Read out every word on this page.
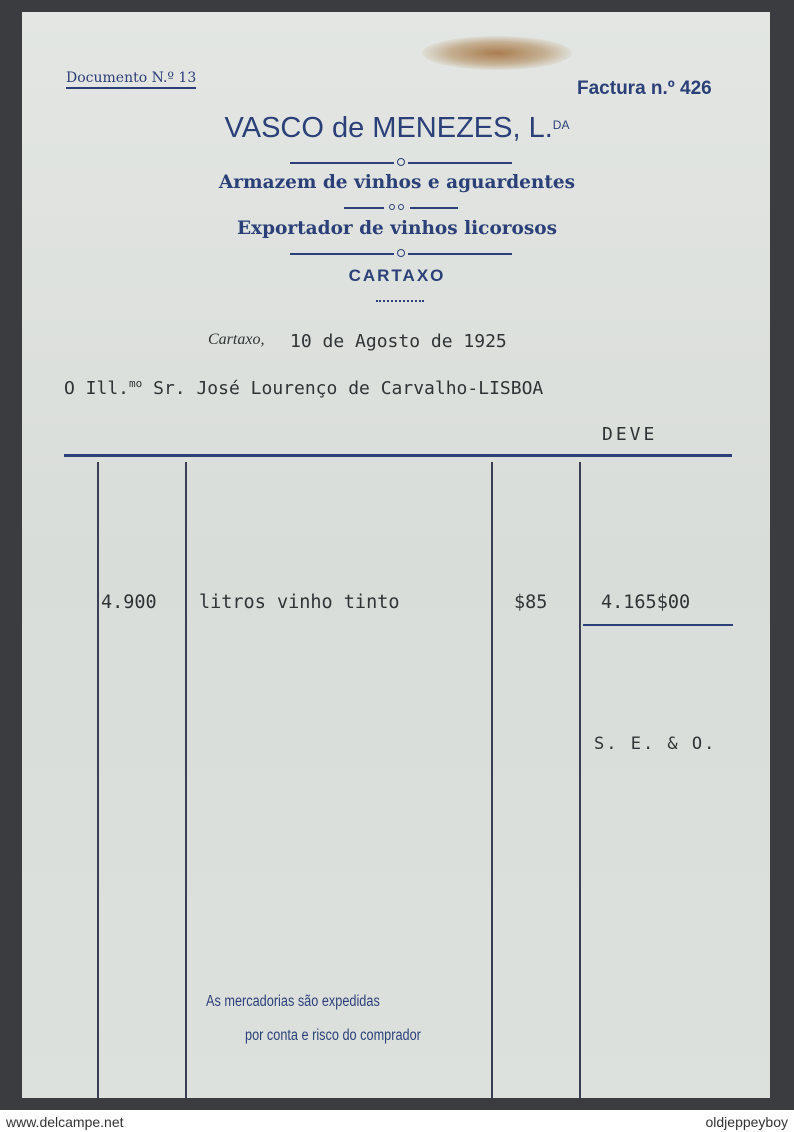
Documento N.º 13	Factura n.º 426
VASCO de MENEZES, L.$^{DA}$
Armazem de vinhos e aguardentes
Exportador de vinhos licorosos
CARTAXO
Cartaxo, 10 de Agosto de 1925
O Ill.$^{mo}$ Sr. José Lourenço de Carvalho-LISBOA
DEVE
4.900 litros vinho tinto	$85	4.165$00
S. E. & O.
As mercadorias são expedidas
por conta e risco do comprador
www.delcampe.net	oldjeppeyboy
